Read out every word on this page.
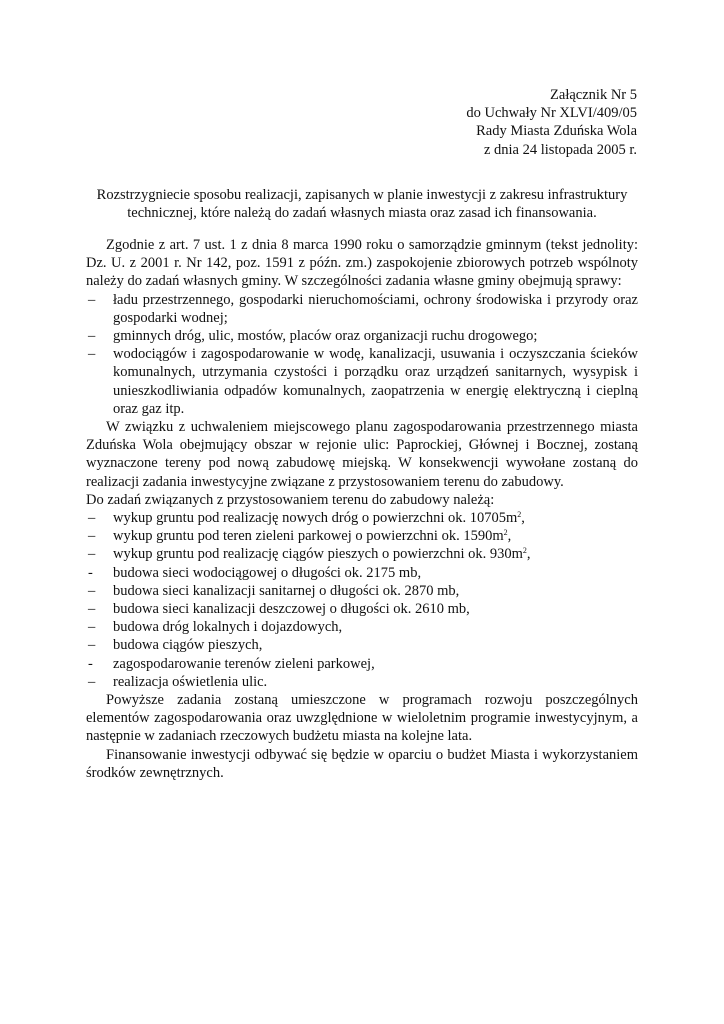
Załącznik Nr 5
do Uchwały Nr XLVI/409/05
Rady Miasta Zduńska Wola
z dnia 24 listopada 2005 r.
Rozstrzygniecie sposobu realizacji, zapisanych w planie inwestycji z zakresu infrastruktury technicznej, które należą do zadań własnych miasta oraz zasad ich finansowania.

Zgodnie z art. 7 ust. 1 z dnia 8 marca 1990 roku o samorządzie gminnym (tekst jednolity: Dz. U. z 2001 r. Nr 142, poz. 1591 z późn. zm.) zaspokojenie zbiorowych potrzeb wspólnoty należy do zadań własnych gminy. W szczególności zadania własne gminy obejmują sprawy:

– ładu przestrzennego, gospodarki nieruchomościami, ochrony środowiska i przyrody oraz gospodarki wodnej;
– gminnych dróg, ulic, mostów, placów oraz organizacji ruchu drogowego;
– wodociągów i zagospodarowanie w wodę, kanalizacji, usuwania i oczyszczania ścieków komunalnych, utrzymania czystości i porządku oraz urządzeń sanitarnych, wysypisk i unieszkodliwiania odpadów komunalnych, zaopatrzenia w energię elektryczną i cieplną oraz gaz itp.

W związku z uchwaleniem miejscowego planu zagospodarowania przestrzennego miasta Zduńska Wola obejmujący obszar w rejonie ulic: Paprockiej, Głównej i Bocznej, zostaną wyznaczone tereny pod nową zabudowę miejską. W konsekwencji wywołane zostaną do realizacji zadania inwestycyjne związane z przystosowaniem terenu do zabudowy.

Do zadań związanych z przystosowaniem terenu do zabudowy należą:

– wykup gruntu pod realizację nowych dróg o powierzchni ok. $10705m^2$,
– wykup gruntu pod teren zieleni parkowej o powierzchni ok. $1590m^2$,
– wykup gruntu pod realizację ciągów pieszych o powierzchni ok. $930m^2$,
- budowa sieci wodociągowej o długości ok. 2175 mb,
– budowa sieci kanalizacji sanitarnej o długości ok. 2870 mb,
– budowa sieci kanalizacji deszczowej o długości ok. 2610 mb,
– budowa dróg lokalnych i dojazdowych,
– budowa ciągów pieszych,
- zagospodarowanie terenów zieleni parkowej,
– realizacja oświetlenia ulic.

Powyższe zadania zostaną umieszczone w programach rozwoju poszczególnych elementów zagospodarowania oraz uwzględnione w wieloletnim programie inwestycyjnym, a następnie w zadaniach rzeczowych budżetu miasta na kolejne lata.

Finansowanie inwestycji odbywać się będzie w oparciu o budżet Miasta i wykorzystaniem środków zewnętrznych.
